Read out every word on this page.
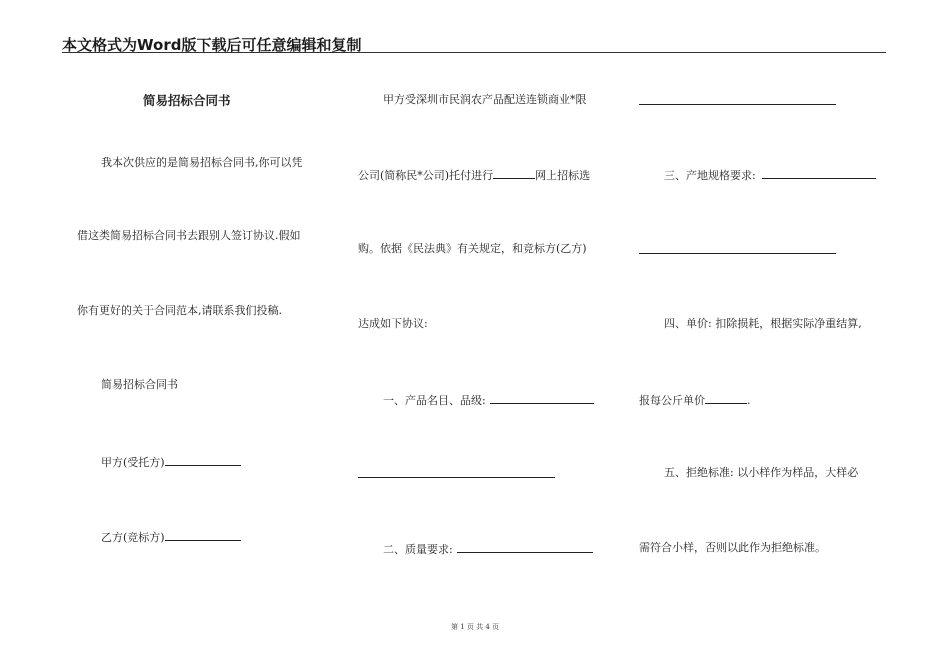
本文格式为Word版下载后可任意编辑和复制
简易招标合同书
我本次供应的是简易招标合同书,你可以凭
借这类简易招标合同书去跟别人签订协议.假如
你有更好的关于合同范本,请联系我们投稿.
简易招标合同书
甲方(受托方)
乙方(竞标方)
甲方受深圳市民润农产品配送连锁商业*限
公司(简称民*公司)托付进行	网上招标选
购。依据《民法典》有关规定，和竞标方(乙方)
达成如下协议:
一、产品名目、品级:
二、质量要求:
三、产地规格要求:
四、单价: 扣除损耗，根据实际净重结算,
报每公斤单价	.
五、拒绝标准: 以小样作为样品，大样必
需符合小样，否则以此作为拒绝标准。
第 1 页 共 4 页
